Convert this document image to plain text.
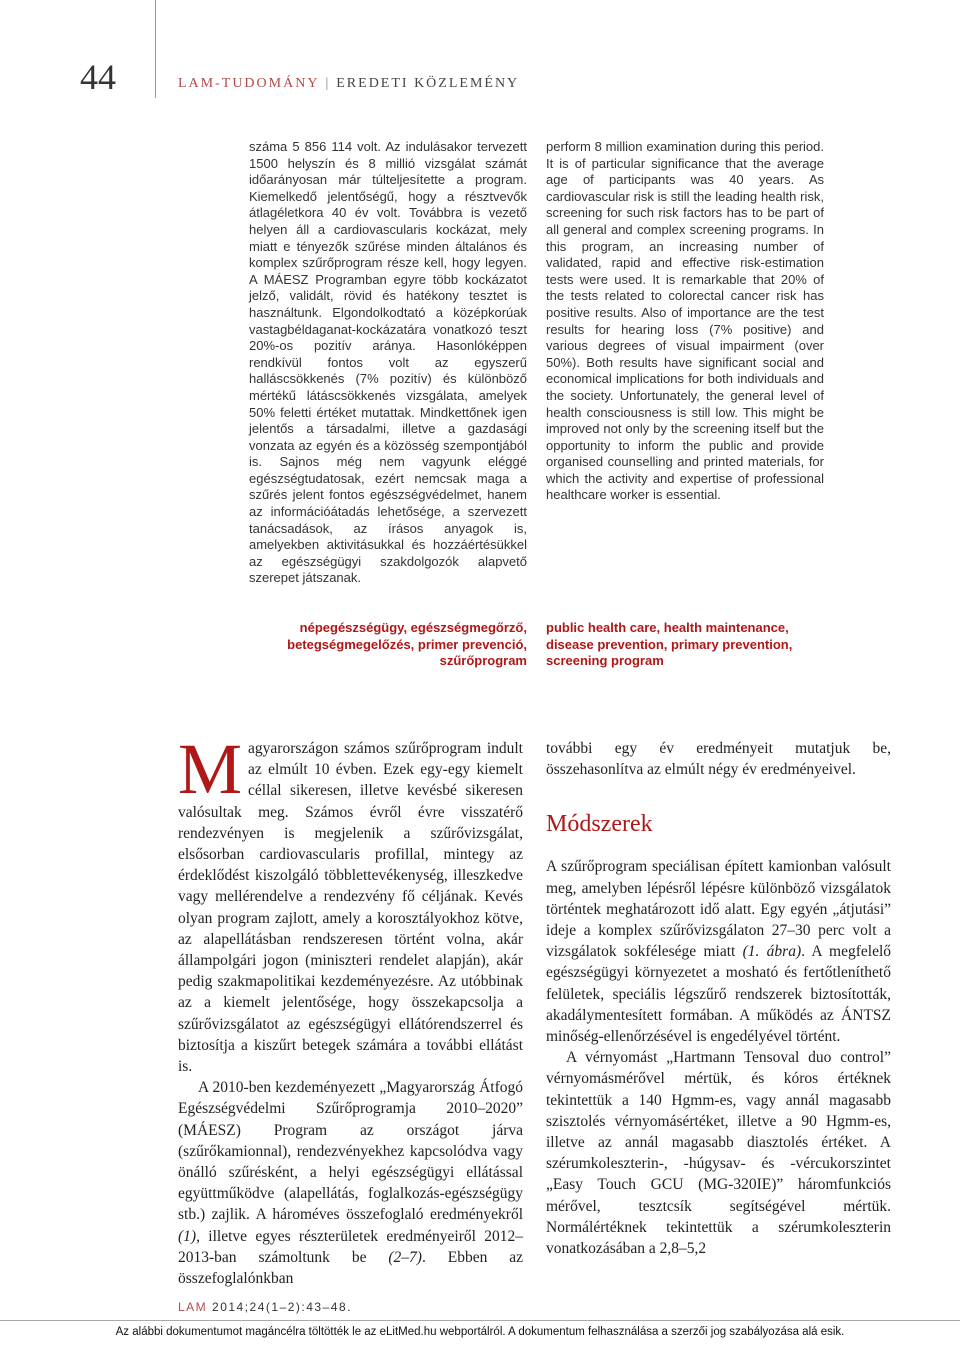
44	LAM-TUDOMÁNY | EREDETI KÖZLEMÉNY
száma 5 856 114 volt. Az indulásakor tervezett 1500 helyszín és 8 millió vizsgálat számát időarányosan már túlteljesítette a program. Kiemelkedő jelentőségű, hogy a résztvevők átlagéletkora 40 év volt. Továbbra is vezető helyen áll a cardiovascularis kockázat, mely miatt e tényezők szűrése minden általános és komplex szűrőprogram része kell, hogy legyen. A MÁESZ Programban egyre több kockázatot jelző, validált, rövid és hatékony tesztet is használtunk. Elgondolkodtató a középkorúak vastagbéldaganat-kockázatára vonatkozó teszt 20%-os pozitív aránya. Hasonlóképpen rendkívül fontos volt az egyszerű halláscsökkenés (7% pozitív) és különböző mértékű látáscsökkenés vizsgálata, amelyek 50% feletti értéket mutattak. Mindkettőnek igen jelentős a társadalmi, illetve a gazdasági vonzata az egyén és a közösség szempontjából is. Sajnos még nem vagyunk eléggé egészségtudatosak, ezért nemcsak maga a szűrés jelent fontos egészségvédelmet, hanem az információátadás lehetősége, a szervezett tanácsadások, az írásos anyagok is, amelyekben aktivitásukkal és hozzáértésükkel az egészségügyi szakdolgozók alapvető szerepet játszanak.
perform 8 million examination during this period. It is of particular significance that the average age of participants was 40 years. As cardiovascular risk is still the leading health risk, screening for such risk factors has to be part of all general and complex screening programs. In this program, an increasing number of validated, rapid and effective risk-estimation tests were used. It is remarkable that 20% of the tests related to colorectal cancer risk has positive results. Also of importance are the test results for hearing loss (7% positive) and various degrees of visual impairment (over 50%). Both results have significant social and economical implications for both individuals and the society. Unfortunately, the general level of health consciousness is still low. This might be improved not only by the screening itself but the opportunity to inform the public and provide organised counselling and printed materials, for which the activity and expertise of professional healthcare worker is essential.
népegészségügy, egészségmegőrző, betegségmegelőzés, primer prevenció, szűrőprogram
public health care, health maintenance, disease prevention, primary prevention, screening program

Magyarországon számos szűrőprogram indult az elmúlt 10 évben. Ezek egy-egy kiemelt céllal sikeresen, illetve kevésbé sikeresen valósultak meg. Számos évről évre visszatérő rendezvényen is megjelenik a szűrővizsgálat, elsősorban cardiovascularis profillal, mintegy az érdeklődést kiszolgáló többlettevékenység, illeszkedve vagy mellérendelve a rendezvény fő céljának. Kevés olyan program zajlott, amely a korosztályokhoz kötve, az alapellátásban rendszeresen történt volna, akár állampolgári jogon (miniszteri rendelet alapján), akár pedig szakmapolitikai kezdeményezésre. Az utóbbinak az a kiemelt jelentősége, hogy összekapcsolja a szűrővizsgálatot az egészségügyi ellátórendszerrel és biztosítja a kiszűrt betegek számára a további ellátást is.

A 2010-ben kezdeményezett „Magyarország Átfogó Egészségvédelmi Szűrőprogramja 2010–2020” (MÁESZ) Program az országot járva (szűrőkamionnal), rendezvényekhez kapcsolódva vagy önálló szűrésként, a helyi egészségügyi ellátással együttműködve (alapellátás, foglalkozás-egészségügy stb.) zajlik. A hároméves összefoglaló eredményekről (1), illetve egyes részterületek eredményeiről 2012–2013-ban számoltunk be (2–7). Ebben az összefoglalónkban

további egy év eredményeit mutatjuk be, összehasonlítva az elmúlt négy év eredményeivel.

Módszerek

A szűrőprogram speciálisan épített kamionban valósult meg, amelyben lépésről lépésre különböző vizsgálatok történtek meghatározott idő alatt. Egy egyén „átjutási” ideje a komplex szűrővizsgálaton 27–30 perc volt a vizsgálatok sokfélesége miatt (1. ábra). A megfelelő egészségügyi környezetet a mosható és fertőtleníthető felületek, speciális légszűrő rendszerek biztosították, akadálymentesített formában. A működés az ÁNTSZ minőség-ellenőrzésével is engedélyével történt.

A vérnyomást „Hartmann Tensoval duo control” vérnyomásmérővel mértük, és kóros értéknek tekintettük a 140 Hgmm-es, vagy annál magasabb szisztolés vérnyomásértéket, illetve a 90 Hgmm-es, illetve az annál magasabb diasztolés értéket. A szérumkoleszterin-, -húgysav- és -vércukorszintet „Easy Touch GCU (MG-320IE)” háromfunkciós mérővel, tesztcsík segítségével mértük. Normálértéknek tekintettük a szérumkoleszterin vonatkozásában a 2,8–5,2

LAM 2014;24(1–2):43–48.
Az alábbi dokumentumot magáncélra töltötték le az eLitMed.hu webportálról. A dokumentum felhasználása a szerzői jog szabályozása alá esik.
